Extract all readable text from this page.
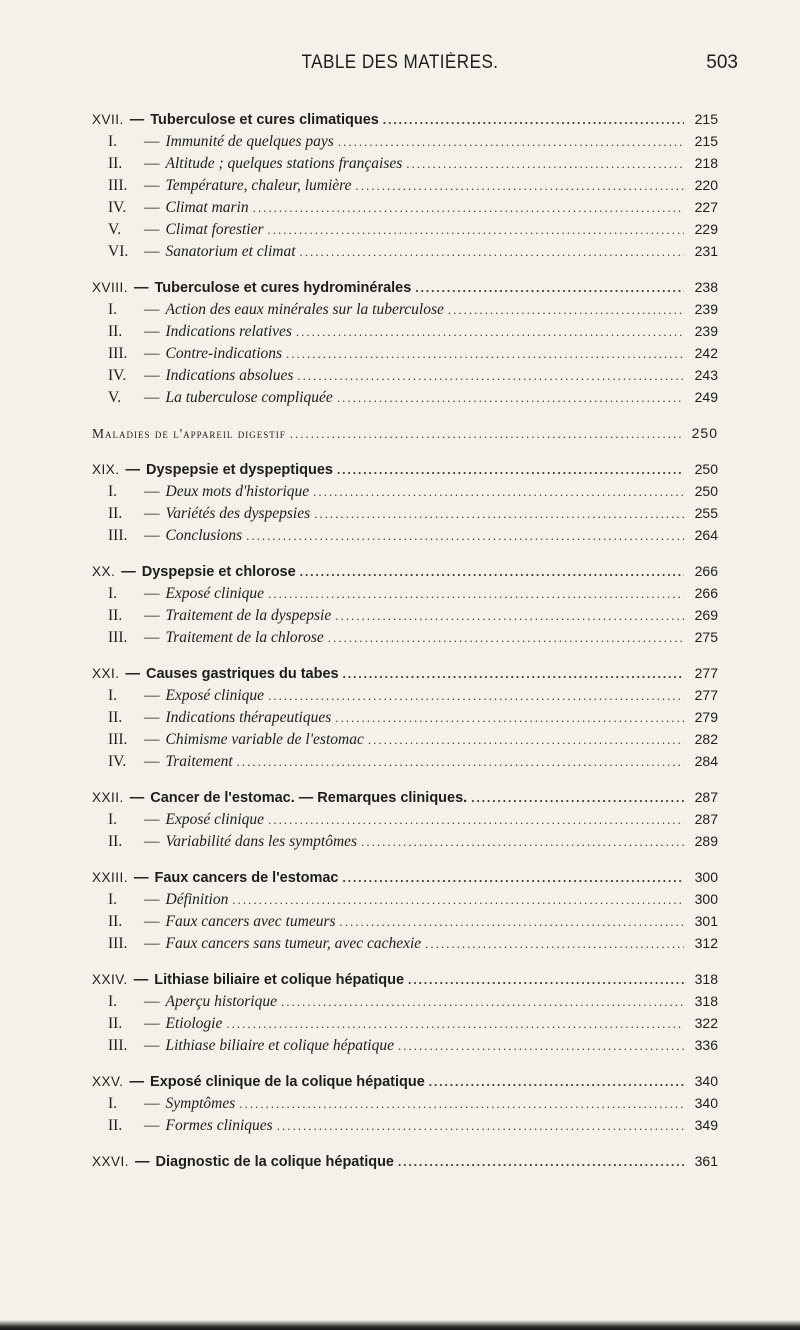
TABLE DES MATIÈRES.	503
XVII. — Tuberculose et cures climatiques .....	215
I.	— Immunité de quelques pays .....	215
II.	— Altitude ; quelques stations françaises .....	218
III.	— Température, chaleur, lumière .....	220
IV.	— Climat marin .....	227
V.	— Climat forestier .....	229
VI.	— Sanatorium et climat .....	231
XVIII. — Tuberculose et cures hydrominérales .....	238
I.	— Action des eaux minérales sur la tuberculose .....	239
II.	— Indications relatives .....	239
III.	— Contre-indications .....	242
IV.	— Indications absolues .....	243
V.	— La tuberculose compliquée .....	249
Maladies de l'appareil digestif .....	250
XIX. — Dyspepsie et dyspeptiques .....	250
I.	— Deux mots d'historique .....	250
II.	— Variétés des dyspepsies .....	255
III.	— Conclusions .....	264
XX. — Dyspepsie et chlorose .....	266
I.	— Exposé clinique .....	266
II.	— Traitement de la dyspepsie .....	269
III.	— Traitement de la chlorose .....	275
XXI. — Causes gastriques du tabes .....	277
I.	— Exposé clinique .....	277
II.	— Indications thérapeutiques .....	279
III.	— Chimisme variable de l'estomac .....	282
IV.	— Traitement .....	284
XXII. — Cancer de l'estomac. — Remarques cliniques. .....	287
I.	— Exposé clinique .....	287
II.	— Variabilité dans les symptômes .....	289
XXIII. — Faux cancers de l'estomac .....	300
I.	— Définition .....	300
II.	— Faux cancers avec tumeurs .....	301
III.	— Faux cancers sans tumeur, avec cachexie .....	312
XXIV. — Lithiase biliaire et colique hépatique .....	318
I.	— Aperçu historique .....	318
II.	— Etiologie .....	322
III.	— Lithiase biliaire et colique hépatique .....	336
XXV. — Exposé clinique de la colique hépatique .....	340
I.	— Symptômes .....	340
II.	— Formes cliniques .....	349
XXVI. — Diagnostic de la colique hépatique .....	361
